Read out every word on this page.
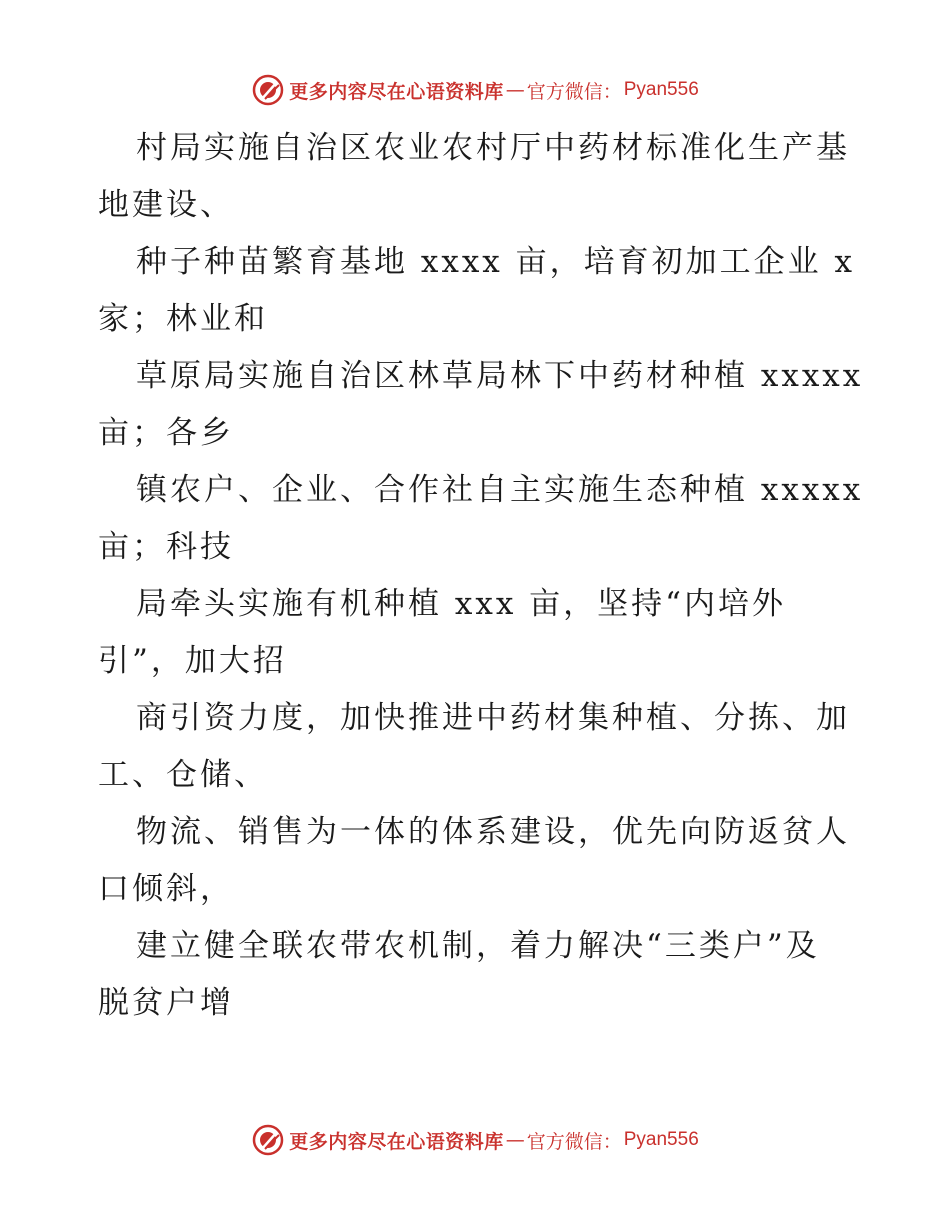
更多内容尽在心语资料库 — 官方微信： Pyan556

村局实施自治区农业农村厅中药材标准化生产基
地建设、

种子种苗繁育基地 xxxx 亩，培育初加工企业 x
家；林业和

草原局实施自治区林草局林下中药材种植 xxxxx
亩；各乡

镇农户、企业、合作社自主实施生态种植 xxxxx
亩；科技

局牵头实施有机种植 xxx 亩，坚持“内培外
引”，加大招

商引资力度，加快推进中药材集种植、分拣、加
工、仓储、

物流、销售为一体的体系建设，优先向防返贫人
口倾斜，

建立健全联农带农机制，着力解决“三类户”及
脱贫户增

更多内容尽在心语资料库 — 官方微信： Pyan556
